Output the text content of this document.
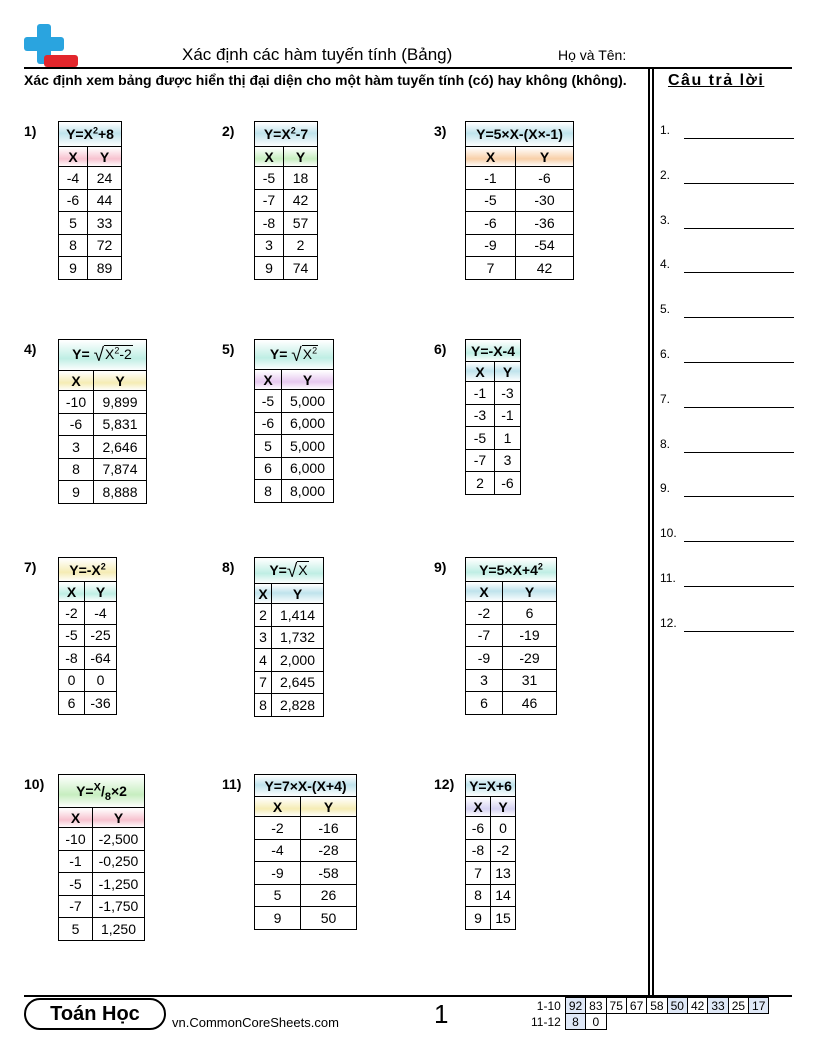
Xác định các hàm tuyến tính (Bảng)	Họ và Tên:
Xác định xem bảng được hiển thị đại diện cho một hàm tuyến tính (có) hay không (không).	Câu trả lời
1.
2.
3.
4.
5.
6.
7.
8.
9.
10.
11.
12.
1) $Y=X^2+8$	
X	Y
-4	24
-6	44
5	33
8	72
9	89
2) $Y=X^2-7$	
X	Y
-5	18
-7	42
-8	57
3	2
9	74
3) Y=5×X-(X×-1)	
X	Y
-1	-6
-5	-30
-6	-36
-9	-54
7	42
4)	$Y= √X^2-2$	
X	Y
-10	9,899
-6	5,831
3	2,646
8	7,874
9	8,888
5)	$Y= √X^2$
X	Y
-5	5,000
-6	6,000
5	5,000
6	6,000
8	8,000
6) Y=-X-4	
X	Y
-1	-3
-3	-1
-5	1
-7	3
2	-6
7) $Y=-X^2$
X	Y
-2	-4
-5	-25
-8	-64
0	0
6	-36
8) Y=√X	
X	Y
2	1,414
3	1,732
4	2,000
7	2,645
8	2,828
9) $Y=5\times X+4^2$
X	Y
-2	6
-7	-19
-9	-29
3	31
6	46
10) $Y=^X/_8\times 2$	
X	Y
-10	-2,500
-1	-0,250
-5	-1,250
-7	-1,750
5	1,250
11) Y=7×X-(X+4)	
X	Y
-2	-16
-4	-28
-9	-58
5	26
9	50
12) Y=X+6	
X	Y
-6	0
-8	-2
7	13
8	14
9	15
Toán Học	vn.CommonCoreSheets.com	1	1-10	92	83	75	67	58	50	42	33	25	17
11-12	8	0								
